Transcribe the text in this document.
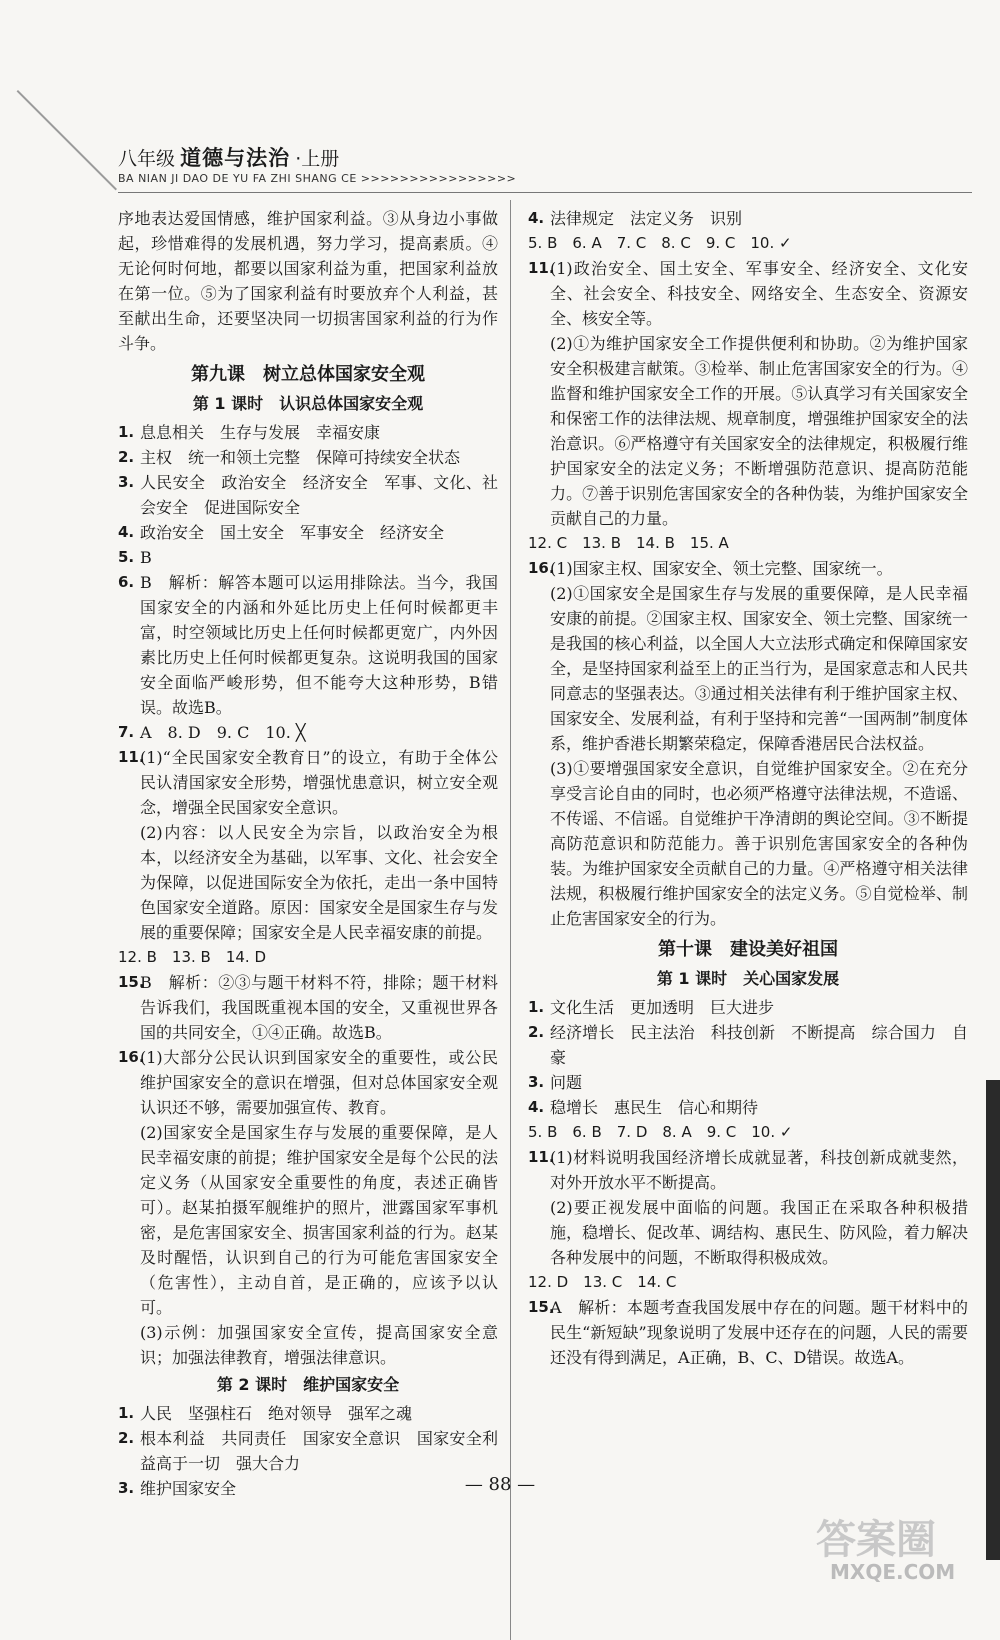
八年级 道德与法治 ·上册
BA NIAN JI DAO DE YU FA ZHI SHANG CE >>>>>>>>>>>>>>>>

序地表达爱国情感，维护国家利益。③从身边小事做起，珍惜难得的发展机遇，努力学习，提高素质。④无论何时何地，都要以国家利益为重，把国家利益放在第一位。⑤为了国家利益有时要放弃个人利益，甚至献出生命，还要坚决同一切损害国家利益的行为作斗争。

第九课　树立总体国家安全观
第 1 课时　认识总体国家安全观
1. 息息相关　生存与发展　幸福安康
2. 主权　统一和领土完整　保障可持续安全状态
3. 人民安全　政治安全　经济安全　军事、文化、社会安全　促进国际安全
4. 政治安全　国土安全　军事安全　经济安全
5. B
6. B　解析：解答本题可以运用排除法。当今，我国国家安全的内涵和外延比历史上任何时候都更丰富，时空领域比历史上任何时候都更宽广，内外因素比历史上任何时候都更复杂。这说明我国的国家安全面临严峻形势，但不能夸大这种形势，B错误。故选B。
7. A　8. D　9. C　10. ╳
11.
(1)“全民国家安全教育日”的设立，有助于全体公民认清国家安全形势，增强忧患意识，树立安全观念，增强全民国家安全意识。

(2)内容：以人民安全为宗旨，以政治安全为根本，以经济安全为基础，以军事、文化、社会安全为保障，以促进国际安全为依托，走出一条中国特色国家安全道路。原因：国家安全是国家生存与发展的重要保障；国家安全是人民幸福安康的前提。

12. B　13. B　14. D

15.
B　解析：②③与题干材料不符，排除；题干材料告诉我们，我国既重视本国的安全，又重视世界各国的共同安全，①④正确。故选B。
16.
(1)大部分公民认识到国家安全的重要性，或公民维护国家安全的意识在增强，但对总体国家安全观认识还不够，需要加强宣传、教育。

(2)国家安全是国家生存与发展的重要保障，是人民幸福安康的前提；维护国家安全是每个公民的法定义务（从国家安全重要性的角度，表述正确皆可）。赵某拍摄军舰维护的照片，泄露国家军事机密，是危害国家安全、损害国家利益的行为。赵某及时醒悟，认识到自己的行为可能危害国家安全（危害性），主动自首，是正确的，应该予以认可。

(3)示例：加强国家安全宣传，提高国家安全意识；加强法律教育，增强法律意识。

第 2 课时　维护国家安全
1. 人民　坚强柱石　绝对领导　强军之魂
2. 根本利益　共同责任　国家安全意识　国家安全利益高于一切　强大合力
3. 维护国家安全
4. 法律规定　法定义务　识别

5. B　6. A　7. C　8. C　9. C　10. ✓

11.
(1)政治安全、国土安全、军事安全、经济安全、文化安全、社会安全、科技安全、网络安全、生态安全、资源安全、核安全等。

(2)①为维护国家安全工作提供便利和协助。②为维护国家安全积极建言献策。③检举、制止危害国家安全的行为。④监督和维护国家安全工作的开展。⑤认真学习有关国家安全和保密工作的法律法规、规章制度，增强维护国家安全的法治意识。⑥严格遵守有关国家安全的法律规定，积极履行维护国家安全的法定义务；不断增强防范意识、提高防范能力。⑦善于识别危害国家安全的各种伪装，为维护国家安全贡献自己的力量。

12. C　13. B　14. B　15. A

16.
(1)国家主权、国家安全、领土完整、国家统一。

(2)①国家安全是国家生存与发展的重要保障，是人民幸福安康的前提。②国家主权、国家安全、领土完整、国家统一是我国的核心利益，以全国人大立法形式确定和保障国家安全，是坚持国家利益至上的正当行为，是国家意志和人民共同意志的坚强表达。③通过相关法律有利于维护国家主权、国家安全、发展利益，有利于坚持和完善“一国两制”制度体系，维护香港长期繁荣稳定，保障香港居民合法权益。

(3)①要增强国家安全意识，自觉维护国家安全。②在充分享受言论自由的同时，也必须严格遵守法律法规，不造谣、不传谣、不信谣。自觉维护干净清朗的舆论空间。③不断提高防范意识和防范能力。善于识别危害国家安全的各种伪装。为维护国家安全贡献自己的力量。④严格遵守相关法律法规，积极履行维护国家安全的法定义务。⑤自觉检举、制止危害国家安全的行为。

第十课　建设美好祖国
第 1 课时　关心国家发展
1. 文化生活　更加透明　巨大进步
2. 经济增长　民主法治　科技创新　不断提高　综合国力　自豪
3. 问题
4. 稳增长　惠民生　信心和期待

5. B　6. B　7. D　8. A　9. C　10. ✓

11.
(1)材料说明我国经济增长成就显著，科技创新成就斐然，对外开放水平不断提高。

(2)要正视发展中面临的问题。我国正在采取各种积极措施，稳增长、促改革、调结构、惠民生、防风险，着力解决各种发展中的问题，不断取得积极成效。

12. D　13. C　14. C

15.
A　解析：本题考查我国发展中存在的问题。题干材料中的民生“新短缺”现象说明了发展中还存在的问题，人民的需要还没有得到满足，A正确，B、C、D错误。故选A。
— 88 —
答案圈
MXQE.COM
